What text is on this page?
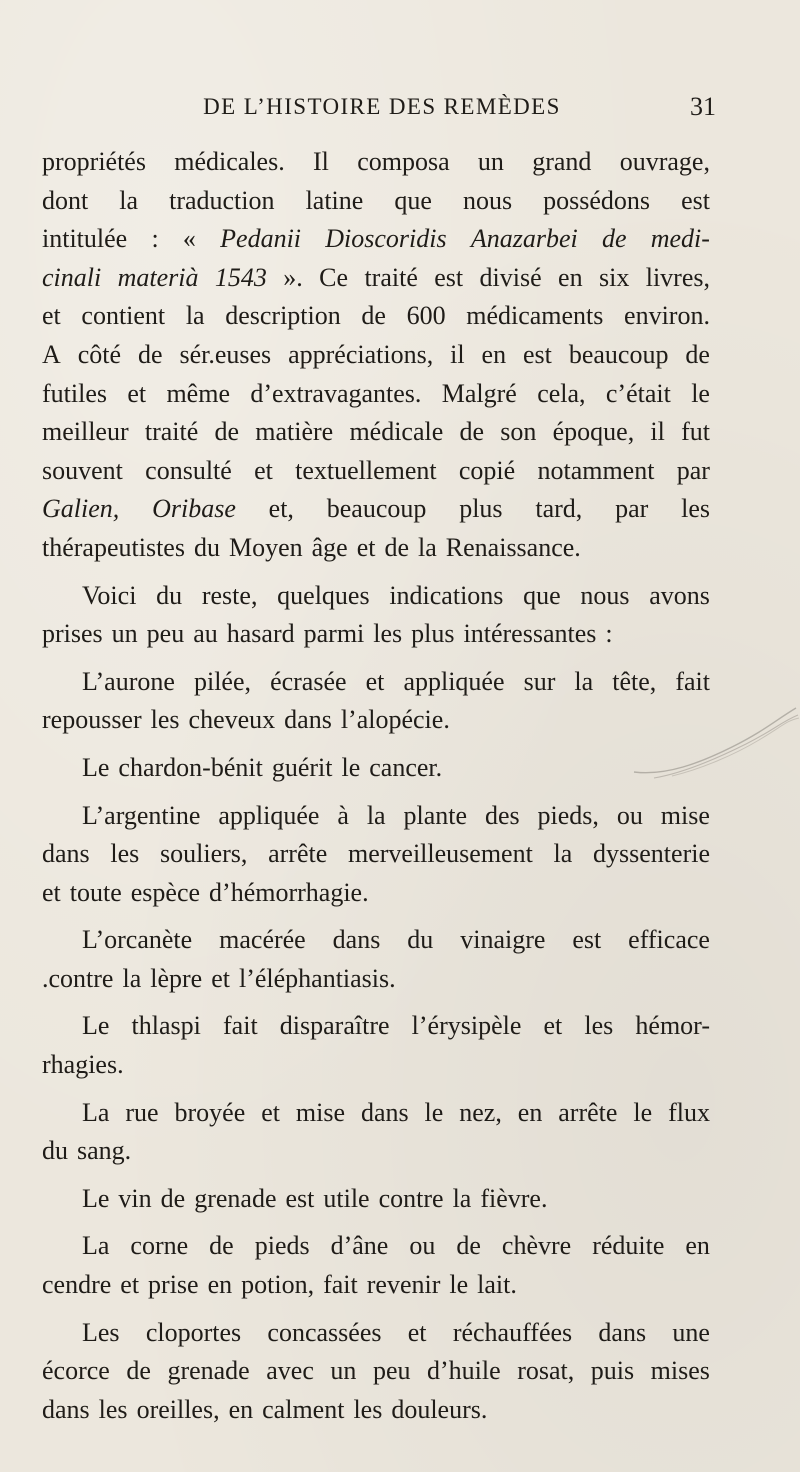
DE L’HISTOIRE DES REMÈDES	31
propriétés médicales. Il composa un grand ouvrage,
dont la traduction latine que nous possédons est
intitulée : « Pedanii Dioscoridis Anazarbei de medi-
cinali materià 1543 ». Ce traité est divisé en six livres,
et contient la description de 600 médicaments environ.
A côté de sér.euses appréciations, il en est beaucoup de
futiles et même d’extravagantes. Malgré cela, c’était le
meilleur traité de matière médicale de son époque, il fut
souvent consulté et textuellement copié notamment par
Galien, Oribase et, beaucoup plus tard, par les
thérapeutistes du Moyen âge et de la Renaissance.
Voici du reste, quelques indications que nous avons
prises un peu au hasard parmi les plus intéressantes :
L’aurone pilée, écrasée et appliquée sur la tête, fait
repousser les cheveux dans l’alopécie.
Le chardon-bénit guérit le cancer.
L’argentine appliquée à la plante des pieds, ou mise
dans les souliers, arrête merveilleusement la dyssenterie
et toute espèce d’hémorrhagie.
L’orcanète macérée dans du vinaigre est efficace
.contre la lèpre et l’éléphantiasis.
Le thlaspi fait disparaître l’érysipèle et les hémor-
rhagies.
La rue broyée et mise dans le nez, en arrête le flux
du sang.
Le vin de grenade est utile contre la fièvre.
La corne de pieds d’âne ou de chèvre réduite en
cendre et prise en potion, fait revenir le lait.
Les cloportes concassées et réchauffées dans une
écorce de grenade avec un peu d’huile rosat, puis mises
dans les oreilles, en calment les douleurs.
